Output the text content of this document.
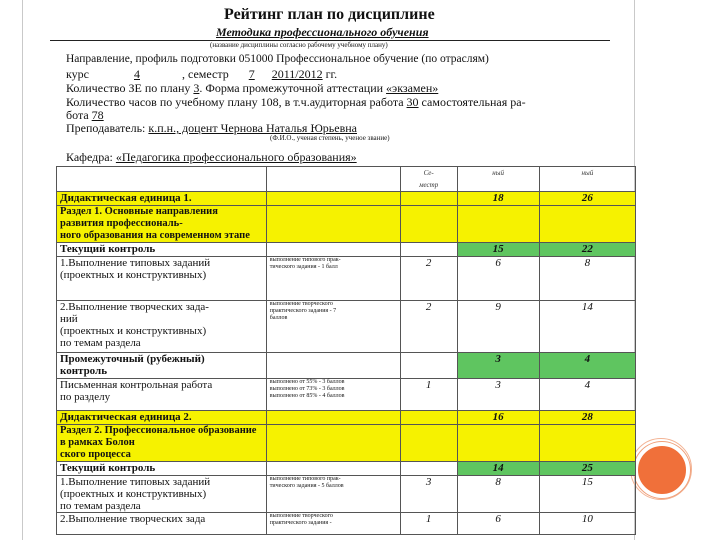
Рейтинг план по дисциплине
Методика профессионального обучения
(название дисциплины согласно рабочему учебному плану)
Направление, профиль подготовки 051000 Профессиональное обучение (по отраслям)
курс	4	, семестр 7 2011/2012 гг.
Количество ЗЕ по плану 3. Форма промежуточной аттестации «экзамен»
Количество часов по учебному плану 108, в т.ч.аудиторная работа 30 самостоятельная ра-
бота 78
Преподаватель: к.п.н., доцент Чернова Наталья Юрьевна
(Ф.И.О., ученая степень, ученое звание)
Кафедра: «Педагогика профессионального образования»
		Се-
местр	ный	ный
Дидактическая единица 1.			18	26
Раздел 1. Основные направления развития профессиональ-
ного образования на современном этапе				
Текущий контроль			15	22
1.Выполнение типовых заданий
(проектных и конструктивных)	выполнение типового прак-
тического задания - 1 балл	2	6	8
2.Выполнение творческих зада-
ний
(проектных и конструктивных)
по темам раздела	выполнение творческого
практического задания - 7
баллов	2	9	14
Промежуточный (рубежный)
контроль			3	4
Письменная контрольная работа
по разделу	выполнено от 55% - 3 баллов
выполнено от 73% - 3 баллов
выполнено от 85% - 4 баллов	1	3	4
Дидактическая единица 2.			16	28
Раздел 2. Профессиональное образование в рамках Болон
ского процесса				
Текущий контроль			14	25
1.Выполнение типовых заданий
(проектных и конструктивных)
по темам раздела	выполнение типового прак-
тического задания - 5 баллов	3	8	15
2.Выполнение творческих зада	выполнение творческого
практического задания -	1	6	10
